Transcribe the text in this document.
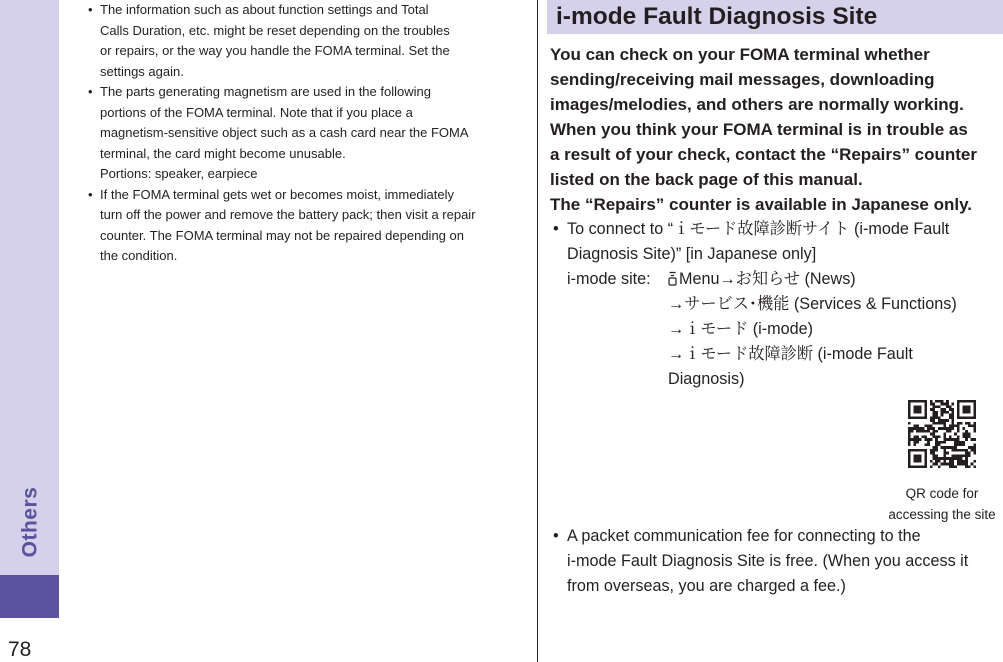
Others
78
• The information such as about function settings and Total
Calls Duration, etc. might be reset depending on the troubles
or repairs, or the way you handle the FOMA terminal. Set the
settings again.
• The parts generating magnetism are used in the following
portions of the FOMA terminal. Note that if you place a
magnetism-sensitive object such as a cash card near the FOMA
terminal, the card might become unusable.
Portions: speaker, earpiece
• If the FOMA terminal gets wet or becomes moist, immediately
turn off the power and remove the battery pack; then visit a repair
counter. The FOMA terminal may not be repaired depending on
the condition.
i-mode Fault Diagnosis Site
You can check on your FOMA terminal whether
sending/receiving mail messages, downloading
images/melodies, and others are normally working.
When you think your FOMA terminal is in trouble as
a result of your check, contact the “Repairs” counter
listed on the back page of this manual.
The “Repairs” counter is available in Japanese only.
• To connect to “ｉモード故障診断サイト (i-mode Fault
Diagnosis Site)” [in Japanese only]
i-mode site: Menu→お知らせ (News)
→サービス･機能 (Services & Functions)
→ｉモード (i-mode)
→ｉモード故障診断 (i-mode Fault
Diagnosis)
QR code for
accessing the site
• A packet communication fee for connecting to the
i-mode Fault Diagnosis Site is free. (When you access it
from overseas, you are charged a fee.)
